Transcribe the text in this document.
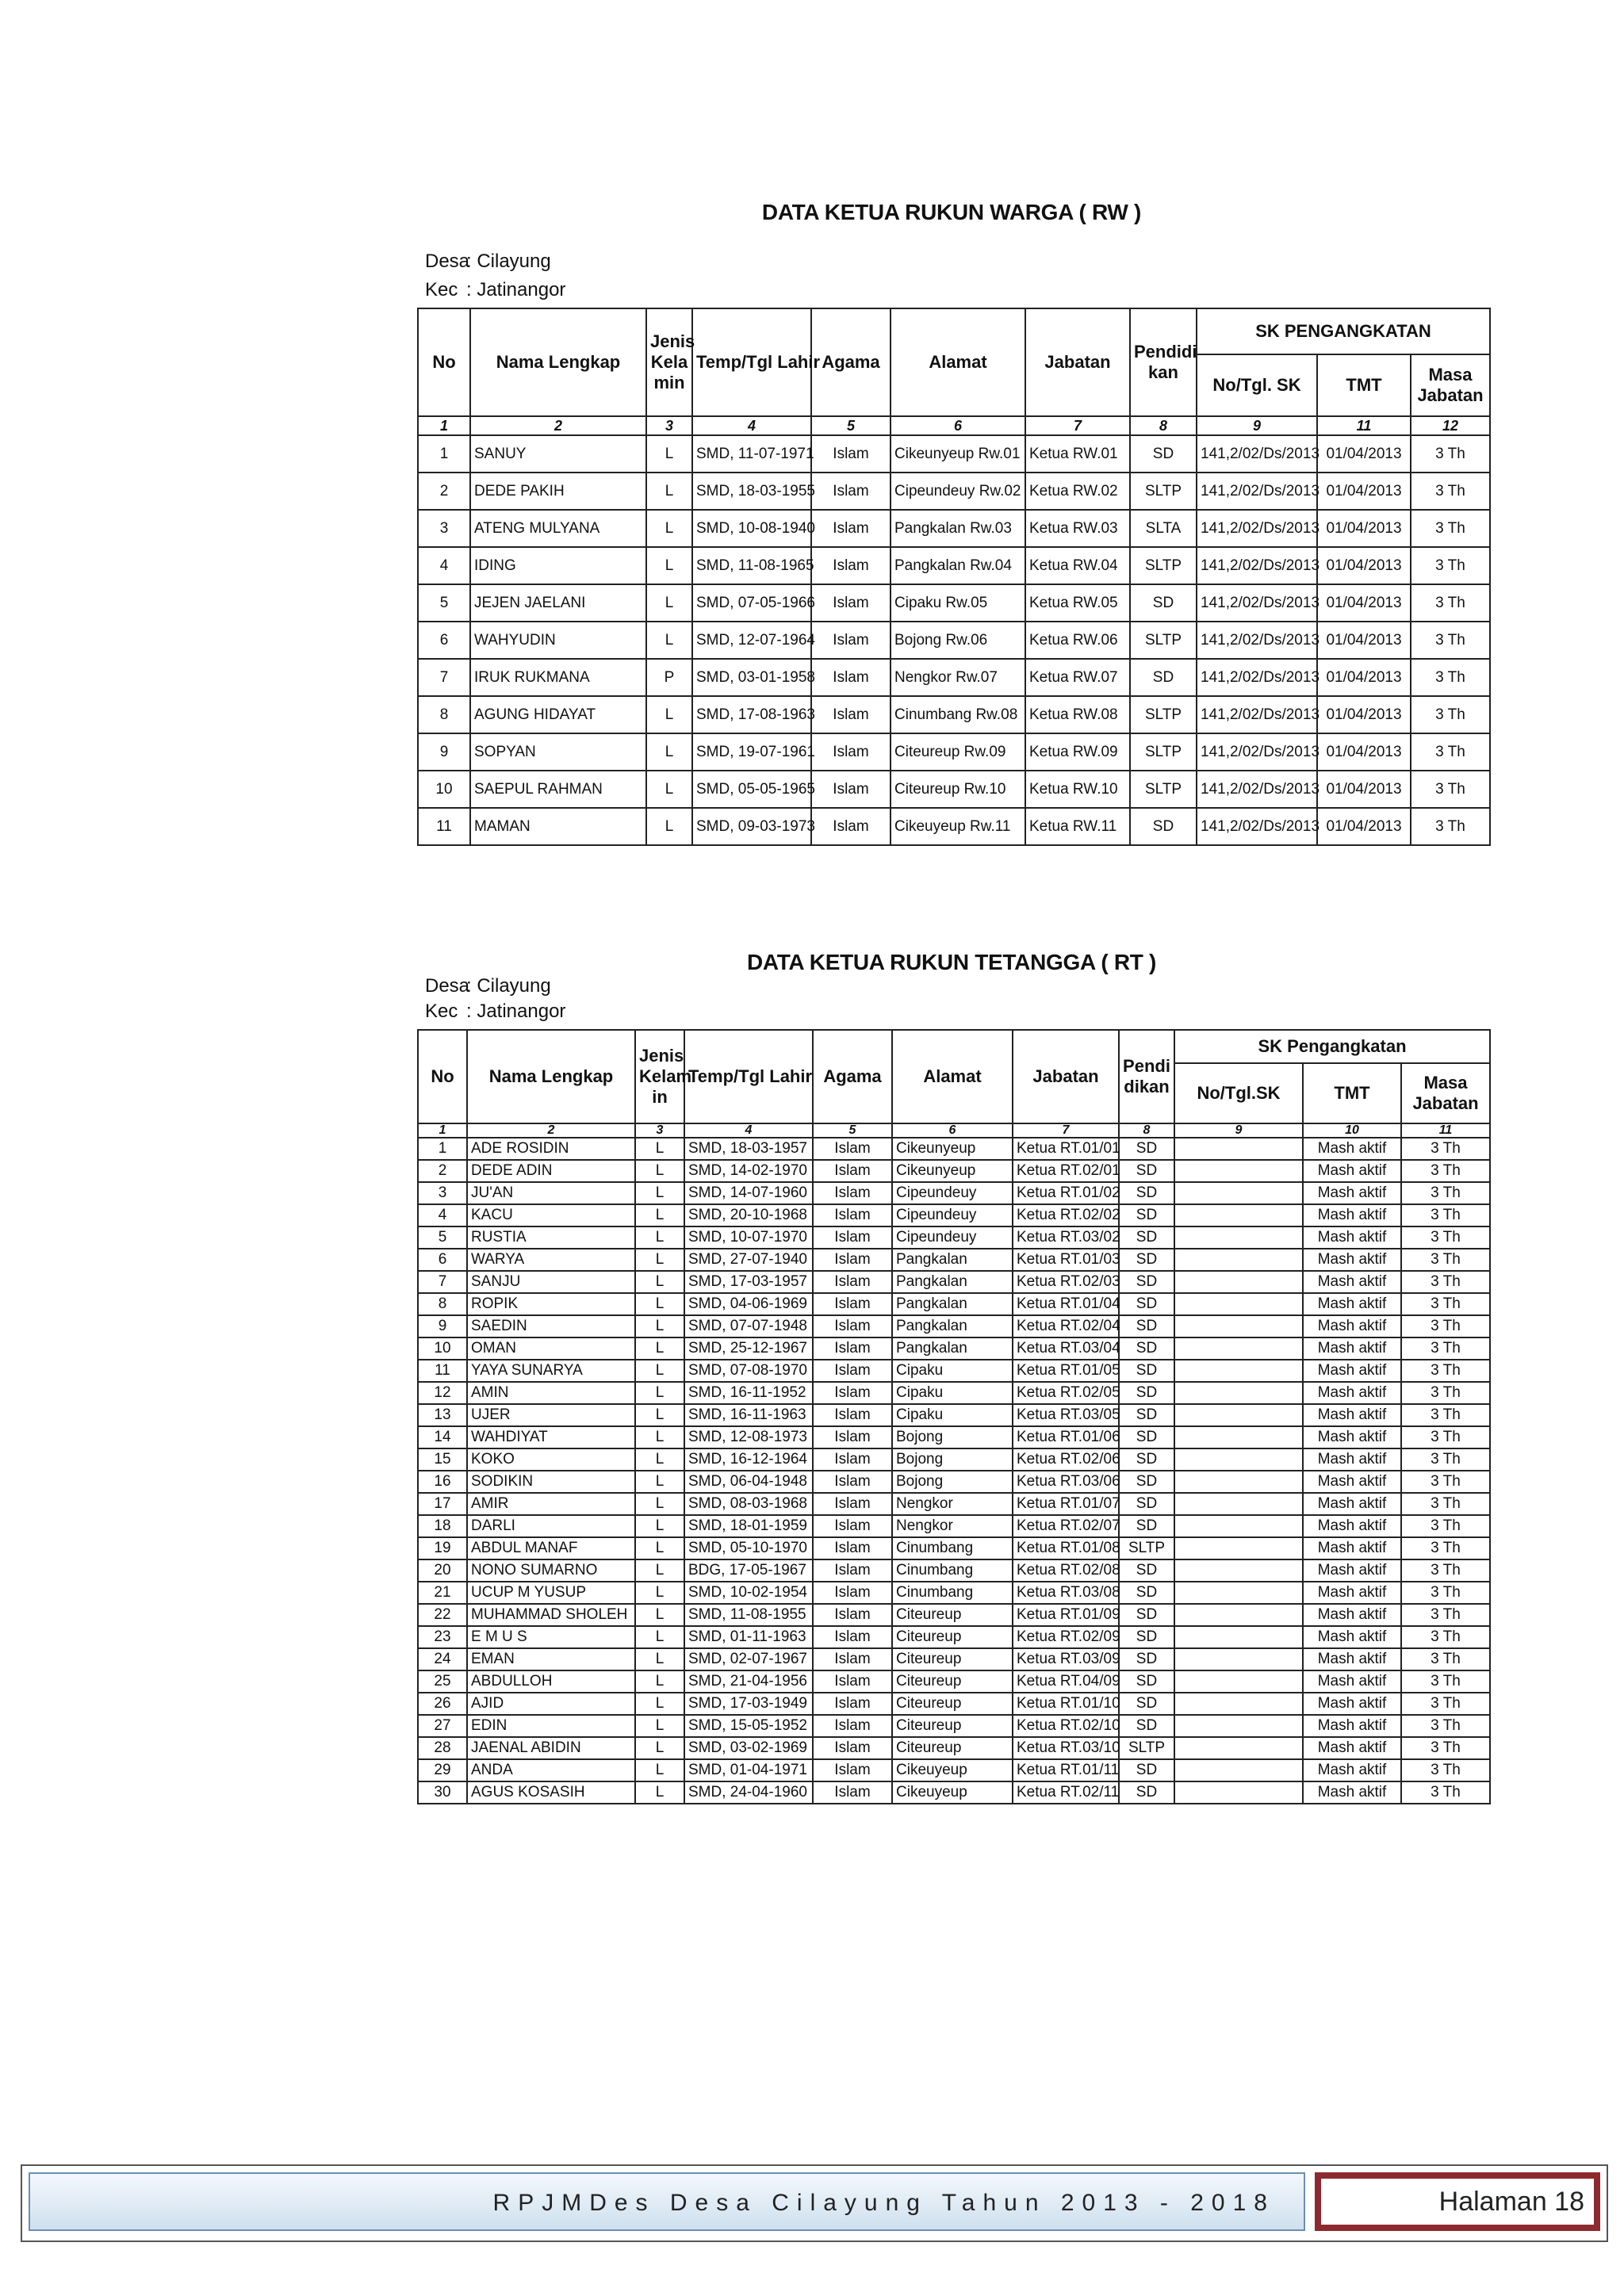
DATA KETUA RUKUN WARGA ( RW )
Desa: Cilayung
Kec : Jatinangor
No	Nama Lengkap	Jenis
Kela
min	Temp/Tgl Lahir	Agama	Alamat	Jabatan	Pendidi
kan	SK PENGANGKATAN		
								No/Tgl. SK	TMT	Masa
Jabatan
1	2	3	4	5	6	7	8	9	11	12
1	SANUY	L	SMD, 11-07-1971	Islam	Cikeunyeup Rw.01	Ketua RW.01	SD	141,2/02/Ds/2013	01/04/2013	3 Th
2	DEDE PAKIH	L	SMD, 18-03-1955	Islam	Cipeundeuy Rw.02	Ketua RW.02	SLTP	141,2/02/Ds/2013	01/04/2013	3 Th
3	ATENG MULYANA	L	SMD, 10-08-1940	Islam	Pangkalan Rw.03	Ketua RW.03	SLTA	141,2/02/Ds/2013	01/04/2013	3 Th
4	IDING	L	SMD, 11-08-1965	Islam	Pangkalan Rw.04	Ketua RW.04	SLTP	141,2/02/Ds/2013	01/04/2013	3 Th
5	JEJEN JAELANI	L	SMD, 07-05-1966	Islam	Cipaku Rw.05	Ketua RW.05	SD	141,2/02/Ds/2013	01/04/2013	3 Th
6	WAHYUDIN	L	SMD, 12-07-1964	Islam	Bojong Rw.06	Ketua RW.06	SLTP	141,2/02/Ds/2013	01/04/2013	3 Th
7	IRUK RUKMANA	P	SMD, 03-01-1958	Islam	Nengkor Rw.07	Ketua RW.07	SD	141,2/02/Ds/2013	01/04/2013	3 Th
8	AGUNG HIDAYAT	L	SMD, 17-08-1963	Islam	Cinumbang Rw.08	Ketua RW.08	SLTP	141,2/02/Ds/2013	01/04/2013	3 Th
9	SOPYAN	L	SMD, 19-07-1961	Islam	Citeureup Rw.09	Ketua RW.09	SLTP	141,2/02/Ds/2013	01/04/2013	3 Th
10	SAEPUL RAHMAN	L	SMD, 05-05-1965	Islam	Citeureup Rw.10	Ketua RW.10	SLTP	141,2/02/Ds/2013	01/04/2013	3 Th
11	MAMAN	L	SMD, 09-03-1973	Islam	Cikeuyeup Rw.11	Ketua RW.11	SD	141,2/02/Ds/2013	01/04/2013	3 Th
DATA KETUA RUKUN TETANGGA ( RT )
Desa: Cilayung
Kec : Jatinangor
No	Nama Lengkap	Jenis
Kelam
in	Temp/Tgl Lahir	Agama	Alamat	Jabatan	Pendi
dikan	SK Pengangkatan		
								No/Tgl.SK	TMT	Masa
Jabatan
1	2	3	4	5	6	7	8	9	10	11
1	ADE ROSIDIN	L	SMD, 18-03-1957	Islam	Cikeunyeup	Ketua RT.01/01	SD		Mash aktif	3 Th
2	DEDE ADIN	L	SMD, 14-02-1970	Islam	Cikeunyeup	Ketua RT.02/01	SD		Mash aktif	3 Th
3	JU'AN	L	SMD, 14-07-1960	Islam	Cipeundeuy	Ketua RT.01/02	SD		Mash aktif	3 Th
4	KACU	L	SMD, 20-10-1968	Islam	Cipeundeuy	Ketua RT.02/02	SD		Mash aktif	3 Th
5	RUSTIA	L	SMD, 10-07-1970	Islam	Cipeundeuy	Ketua RT.03/02	SD		Mash aktif	3 Th
6	WARYA	L	SMD, 27-07-1940	Islam	Pangkalan	Ketua RT.01/03	SD		Mash aktif	3 Th
7	SANJU	L	SMD, 17-03-1957	Islam	Pangkalan	Ketua RT.02/03	SD		Mash aktif	3 Th
8	ROPIK	L	SMD, 04-06-1969	Islam	Pangkalan	Ketua RT.01/04	SD		Mash aktif	3 Th
9	SAEDIN	L	SMD, 07-07-1948	Islam	Pangkalan	Ketua RT.02/04	SD		Mash aktif	3 Th
10	OMAN	L	SMD, 25-12-1967	Islam	Pangkalan	Ketua RT.03/04	SD		Mash aktif	3 Th
11	YAYA SUNARYA	L	SMD, 07-08-1970	Islam	Cipaku	Ketua RT.01/05	SD		Mash aktif	3 Th
12	AMIN	L	SMD, 16-11-1952	Islam	Cipaku	Ketua RT.02/05	SD		Mash aktif	3 Th
13	UJER	L	SMD, 16-11-1963	Islam	Cipaku	Ketua RT.03/05	SD		Mash aktif	3 Th
14	WAHDIYAT	L	SMD, 12-08-1973	Islam	Bojong	Ketua RT.01/06	SD		Mash aktif	3 Th
15	KOKO	L	SMD, 16-12-1964	Islam	Bojong	Ketua RT.02/06	SD		Mash aktif	3 Th
16	SODIKIN	L	SMD, 06-04-1948	Islam	Bojong	Ketua RT.03/06	SD		Mash aktif	3 Th
17	AMIR	L	SMD, 08-03-1968	Islam	Nengkor	Ketua RT.01/07	SD		Mash aktif	3 Th
18	DARLI	L	SMD, 18-01-1959	Islam	Nengkor	Ketua RT.02/07	SD		Mash aktif	3 Th
19	ABDUL MANAF	L	SMD, 05-10-1970	Islam	Cinumbang	Ketua RT.01/08	SLTP		Mash aktif	3 Th
20	NONO SUMARNO	L	BDG, 17-05-1967	Islam	Cinumbang	Ketua RT.02/08	SD		Mash aktif	3 Th
21	UCUP M YUSUP	L	SMD, 10-02-1954	Islam	Cinumbang	Ketua RT.03/08	SD		Mash aktif	3 Th
22	MUHAMMAD SHOLEH	L	SMD, 11-08-1955	Islam	Citeureup	Ketua RT.01/09	SD		Mash aktif	3 Th
23	E M U S	L	SMD, 01-11-1963	Islam	Citeureup	Ketua RT.02/09	SD		Mash aktif	3 Th
24	EMAN	L	SMD, 02-07-1967	Islam	Citeureup	Ketua RT.03/09	SD		Mash aktif	3 Th
25	ABDULLOH	L	SMD, 21-04-1956	Islam	Citeureup	Ketua RT.04/09	SD		Mash aktif	3 Th
26	AJID	L	SMD, 17-03-1949	Islam	Citeureup	Ketua RT.01/10	SD		Mash aktif	3 Th
27	EDIN	L	SMD, 15-05-1952	Islam	Citeureup	Ketua RT.02/10	SD		Mash aktif	3 Th
28	JAENAL ABIDIN	L	SMD, 03-02-1969	Islam	Citeureup	Ketua RT.03/10	SLTP		Mash aktif	3 Th
29	ANDA	L	SMD, 01-04-1971	Islam	Cikeuyeup	Ketua RT.01/11	SD		Mash aktif	3 Th
30	AGUS KOSASIH	L	SMD, 24-04-1960	Islam	Cikeuyeup	Ketua RT.02/11	SD		Mash aktif	3 Th
RPJMDes Desa Cilayung Tahun 2013 - 2018	Halaman 18
